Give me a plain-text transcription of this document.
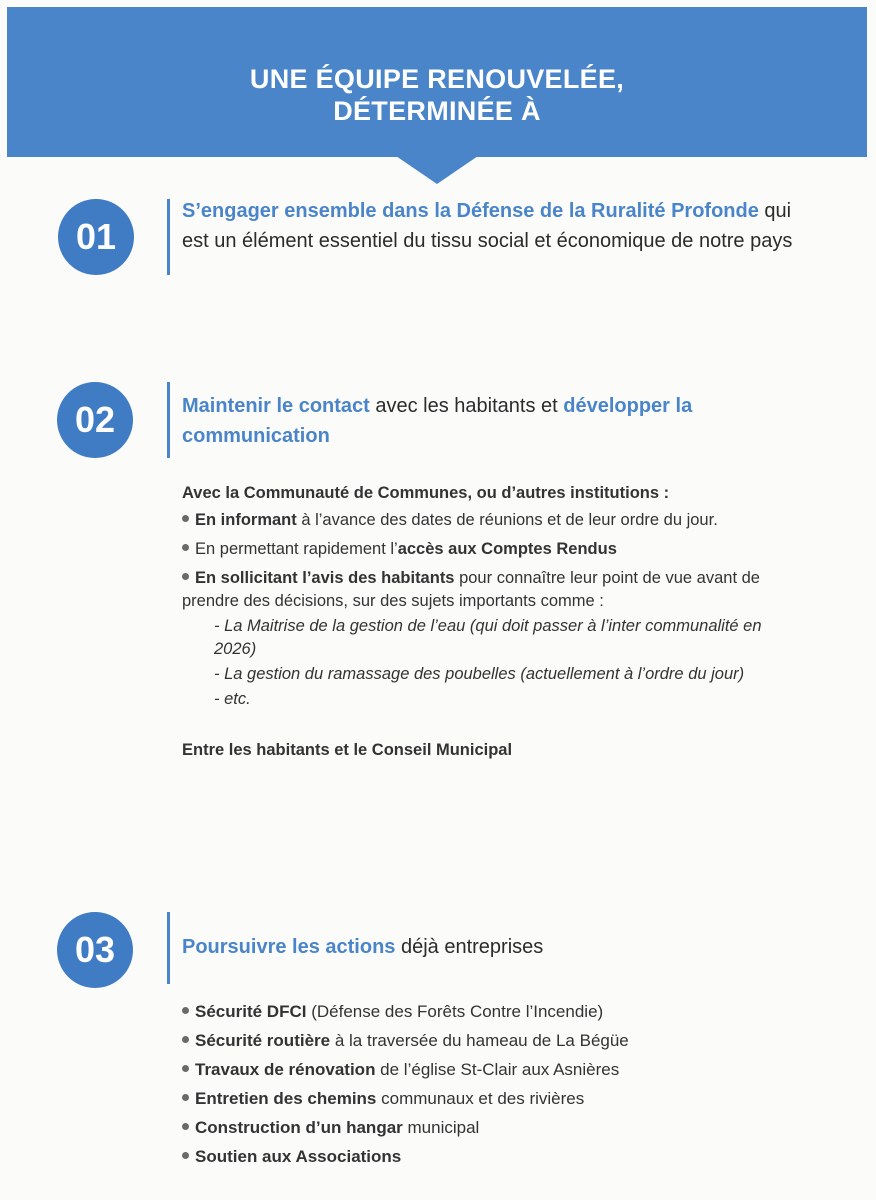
UNE ÉQUIPE RENOUVELÉE,
DÉTERMINÉE À
01
S’engager ensemble dans la Défense de la Ruralité Profonde qui est un élément essentiel du tissu social et économique de notre pays
02	Maintenir le contact avec les habitants et développer la communication
Avec la Communauté de Communes, ou d’autres institutions :
En informant à l’avance des dates de réunions et de leur ordre du jour.
En permettant rapidement l’accès aux Comptes Rendus
En sollicitant l’avis des habitants pour connaître leur point de vue avant de prendre des décisions, sur des sujets importants comme :
- La Maitrise de la gestion de l’eau (qui doit passer à l’inter communalité en 2026)
- La gestion du ramassage des poubelles (actuellement à l’ordre du jour)
- etc.
Entre les habitants et le Conseil Municipal
03	Poursuivre les actions déjà entreprises
Sécurité DFCI (Défense des Forêts Contre l’Incendie)
Sécurité routière à la traversée du hameau de La Bégüe
Travaux de rénovation de l’église St-Clair aux Asnières
Entretien des chemins communaux et des rivières
Construction d’un hangar municipal
Soutien aux Associations
